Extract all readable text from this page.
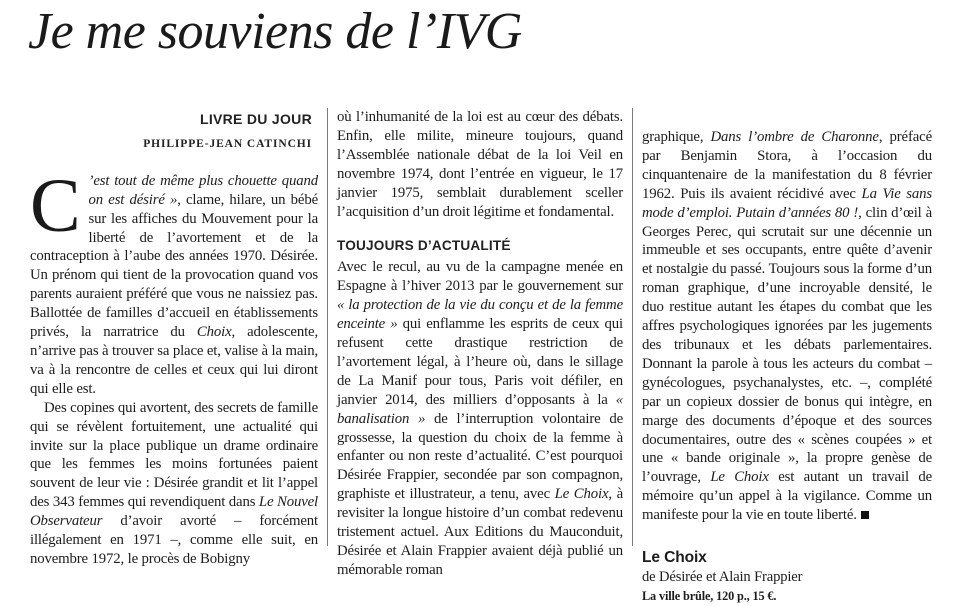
Je me souviens de l’IVG
LIVRE DU JOUR
PHILIPPE-JEAN CATINCHI

C ’est tout de même plus chouette quand on est désiré », clame, hilare, un bébé sur les affiches du Mouvement pour la liberté de l’avortement et de la contraception à l’aube des années 1970. Désirée. Un prénom qui tient de la provocation quand vos parents auraient préféré que vous ne naissiez pas. Ballottée de familles d’accueil en établissements privés, la narratrice du Choix, adolescente, n’arrive pas à trouver sa place et, valise à la main, va à la rencontre de celles et ceux qui lui diront qui elle est.

Des copines qui avortent, des secrets de famille qui se révèlent fortuitement, une actualité qui invite sur la place publique un drame ordinaire que les femmes les moins fortunées paient souvent de leur vie : Désirée grandit et lit l’appel des 343 femmes qui revendiquent dans Le Nouvel Observateur d’avoir avorté – forcément illégalement en 1971 –, comme elle suit, en novembre 1972, le procès de Bobigny

où l’inhumanité de la loi est au cœur des débats. Enfin, elle milite, mineure toujours, quand l’Assemblée nationale débat de la loi Veil en novembre 1974, dont l’entrée en vigueur, le 17 janvier 1975, semblait durablement sceller l’acquisition d’un droit légitime et fondamental.

TOUJOURS D’ACTUALITÉ

Avec le recul, au vu de la campagne menée en Espagne à l’hiver 2013 par le gouvernement sur « la protection de la vie du conçu et de la femme enceinte » qui enflamme les esprits de ceux qui refusent cette drastique restriction de l’avortement légal, à l’heure où, dans le sillage de La Manif pour tous, Paris voit défiler, en janvier 2014, des milliers d’opposants à la « banalisation » de l’interruption volontaire de grossesse, la question du choix de la femme à enfanter ou non reste d’actualité. C’est pourquoi Désirée Frappier, secondée par son compagnon, graphiste et illustrateur, a tenu, avec Le Choix, à revisiter la longue histoire d’un combat redevenu tristement actuel. Aux Editions du Mauconduit, Désirée et Alain Frappier avaient déjà publié un mémorable roman

graphique, Dans l’ombre de Charonne, préfacé par Benjamin Stora, à l’occasion du cinquantenaire de la manifestation du 8 février 1962. Puis ils avaient récidivé avec La Vie sans mode d’emploi. Putain d’années 80 !, clin d’œil à Georges Perec, qui scrutait sur une décennie un immeuble et ses occupants, entre quête d’avenir et nostalgie du passé. Toujours sous la forme d’un roman graphique, d’une incroyable densité, le duo restitue autant les étapes du combat que les affres psychologiques ignorées par les jugements des tribunaux et les débats parlementaires. Donnant la parole à tous les acteurs du combat – gynécologues, psychanalystes, etc. –, complété par un copieux dossier de bonus qui intègre, en marge des documents d’époque et des sources documentaires, outre des « scènes coupées » et une « bande originale », la propre genèse de l’ouvrage, Le Choix est autant un travail de mémoire qu’un appel à la vigilance. Comme un manifeste pour la vie en toute liberté.

Le Choix
de Désirée et Alain Frappier
La ville brûle, 120 p., 15 €.
